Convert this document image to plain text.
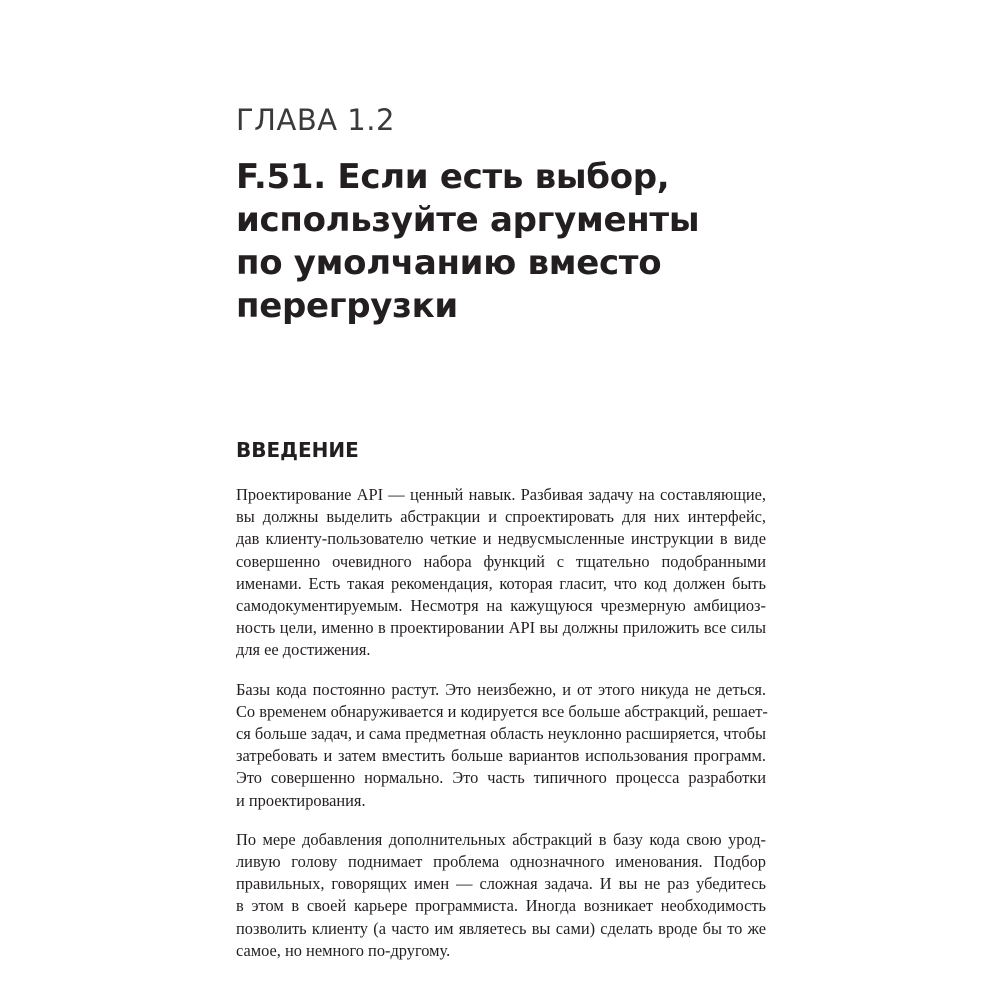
ГЛАВА 1.2
F.51. Если есть выбор,
используйте аргументы
по умолчанию вместо
перегрузки
ВВЕДЕНИЕ

Проектирование API — ценный навык. Разбивая задачу на составляющие,
вы должны выделить абстракции и спроектировать для них интерфейс,
дав клиенту-пользователю четкие и недвусмысленные инструкции в виде
совершенно очевидного набора функций с тщательно подобранными
именами. Есть такая рекомендация, которая гласит, что код должен быть
самодокументируемым. Несмотря на кажущуюся чрезмерную амбициоз-
ность цели, именно в проектировании API вы должны приложить все силы
для ее достижения.

Базы кода постоянно растут. Это неизбежно, и от этого никуда не деться.
Со временем обнаруживается и кодируется все больше абстракций, решает-
ся больше задач, и сама предметная область неуклонно расширяется, чтобы
затребовать и затем вместить больше вариантов использования программ.
Это совершенно нормально. Это часть типичного процесса разработки
и проектирования.

По мере добавления дополнительных абстракций в базу кода свою урод-
ливую голову поднимает проблема однозначного именования. Подбор
правильных, говорящих имен — сложная задача. И вы не раз убедитесь
в этом в своей карьере программиста. Иногда возникает необходимость
позволить клиенту (а часто им являетесь вы сами) сделать вроде бы то же
самое, но немного по-другому.
